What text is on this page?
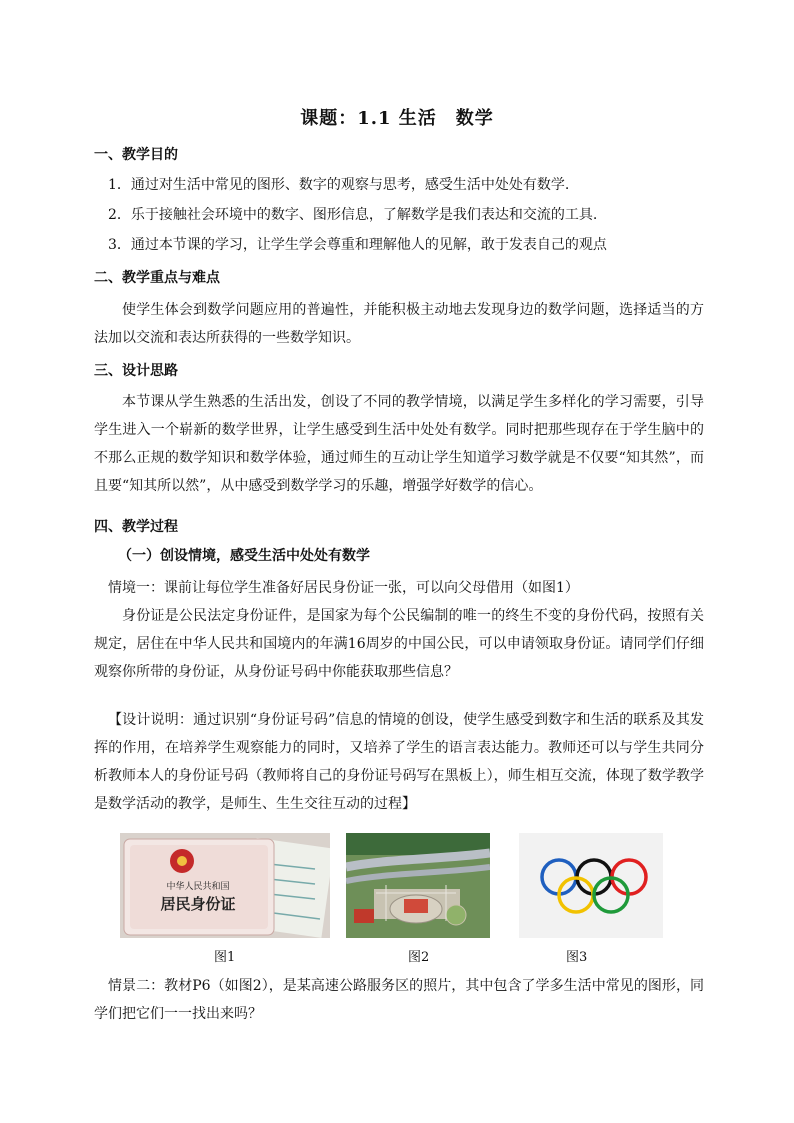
课题：1.1 生活　数学
一、教学目的
1．通过对生活中常见的图形、数字的观察与思考，感受生活中处处有数学.
2．乐于接触社会环境中的数字、图形信息，了解数学是我们表达和交流的工具.
3．通过本节课的学习，让学生学会尊重和理解他人的见解，敢于发表自己的观点
二、教学重点与难点
使学生体会到数学问题应用的普遍性，并能积极主动地去发现身边的数学问题，选择适当的方法加以交流和表达所获得的一些数学知识。
三、设计思路
本节课从学生熟悉的生活出发，创设了不同的教学情境，以满足学生多样化的学习需要，引导学生进入一个崭新的数学世界，让学生感受到生活中处处有数学。同时把那些现存在于学生脑中的不那么正规的数学知识和数学体验，通过师生的互动让学生知道学习数学就是不仅要“知其然”，而且要“知其所以然”，从中感受到数学学习的乐趣，增强学好数学的信心。
四、教学过程
（一）创设情境，感受生活中处处有数学
情境一：课前让每位学生准备好居民身份证一张，可以向父母借用（如图1）
身份证是公民法定身份证件，是国家为每个公民编制的唯一的终生不变的身份代码，按照有关规定，居住在中华人民共和国境内的年满16周岁的中国公民，可以申请领取身份证。请同学们仔细观察你所带的身份证，从身份证号码中你能获取那些信息？
【设计说明：通过识别“身份证号码”信息的情境的创设，使学生感受到数字和生活的联系及其发挥的作用，在培养学生观察能力的同时，又培养了学生的语言表达能力。教师还可以与学生共同分析教师本人的身份证号码（教师将自己的身份证号码写在黑板上），师生相互交流，体现了数学教学是数学活动的教学，是师生、生生交往互动的过程】
中华人民共和国
居民身份证
图1	图2	图3
情景二：教材P6（如图2），是某高速公路服务区的照片，其中包含了学多生活中常见的图形，同学们把它们一一找出来吗？
